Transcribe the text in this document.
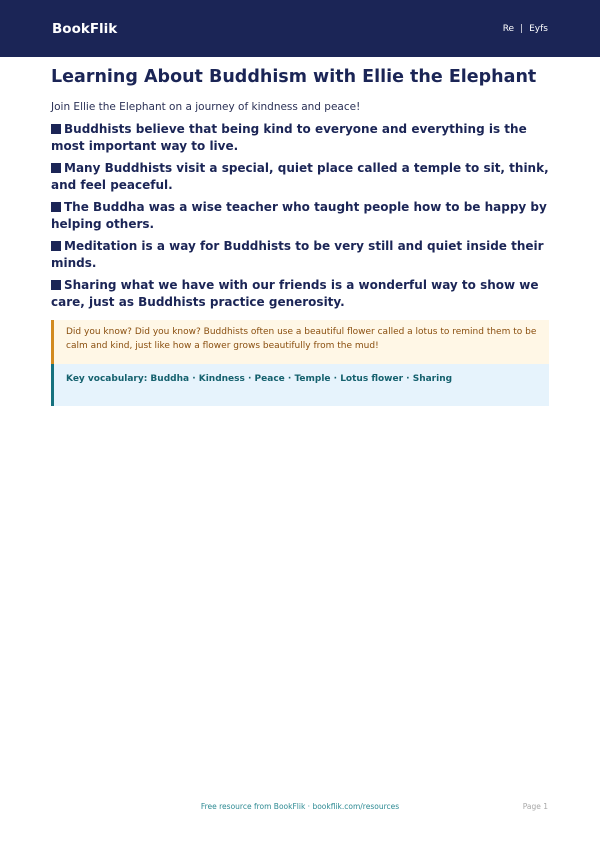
BookFlik	Re | Eyfs
Learning About Buddhism with Ellie the Elephant

Join Ellie the Elephant on a journey of kindness and peace!

Buddhists believe that being kind to everyone and everything is the most important way to live.
Many Buddhists visit a special, quiet place called a temple to sit, think, and feel peaceful.
The Buddha was a wise teacher who taught people how to be happy by helping others.
Meditation is a way for Buddhists to be very still and quiet inside their minds.
Sharing what we have with our friends is a wonderful way to show we care, just as Buddhists practice generosity.
Did you know? Did you know? Buddhists often use a beautiful flower called a lotus to remind them to be calm and kind, just like how a flower grows beautifully from the mud!
Key vocabulary: Buddha · Kindness · Peace · Temple · Lotus flower · Sharing
Free resource from BookFlik · bookflik.com/resources	Page 1
